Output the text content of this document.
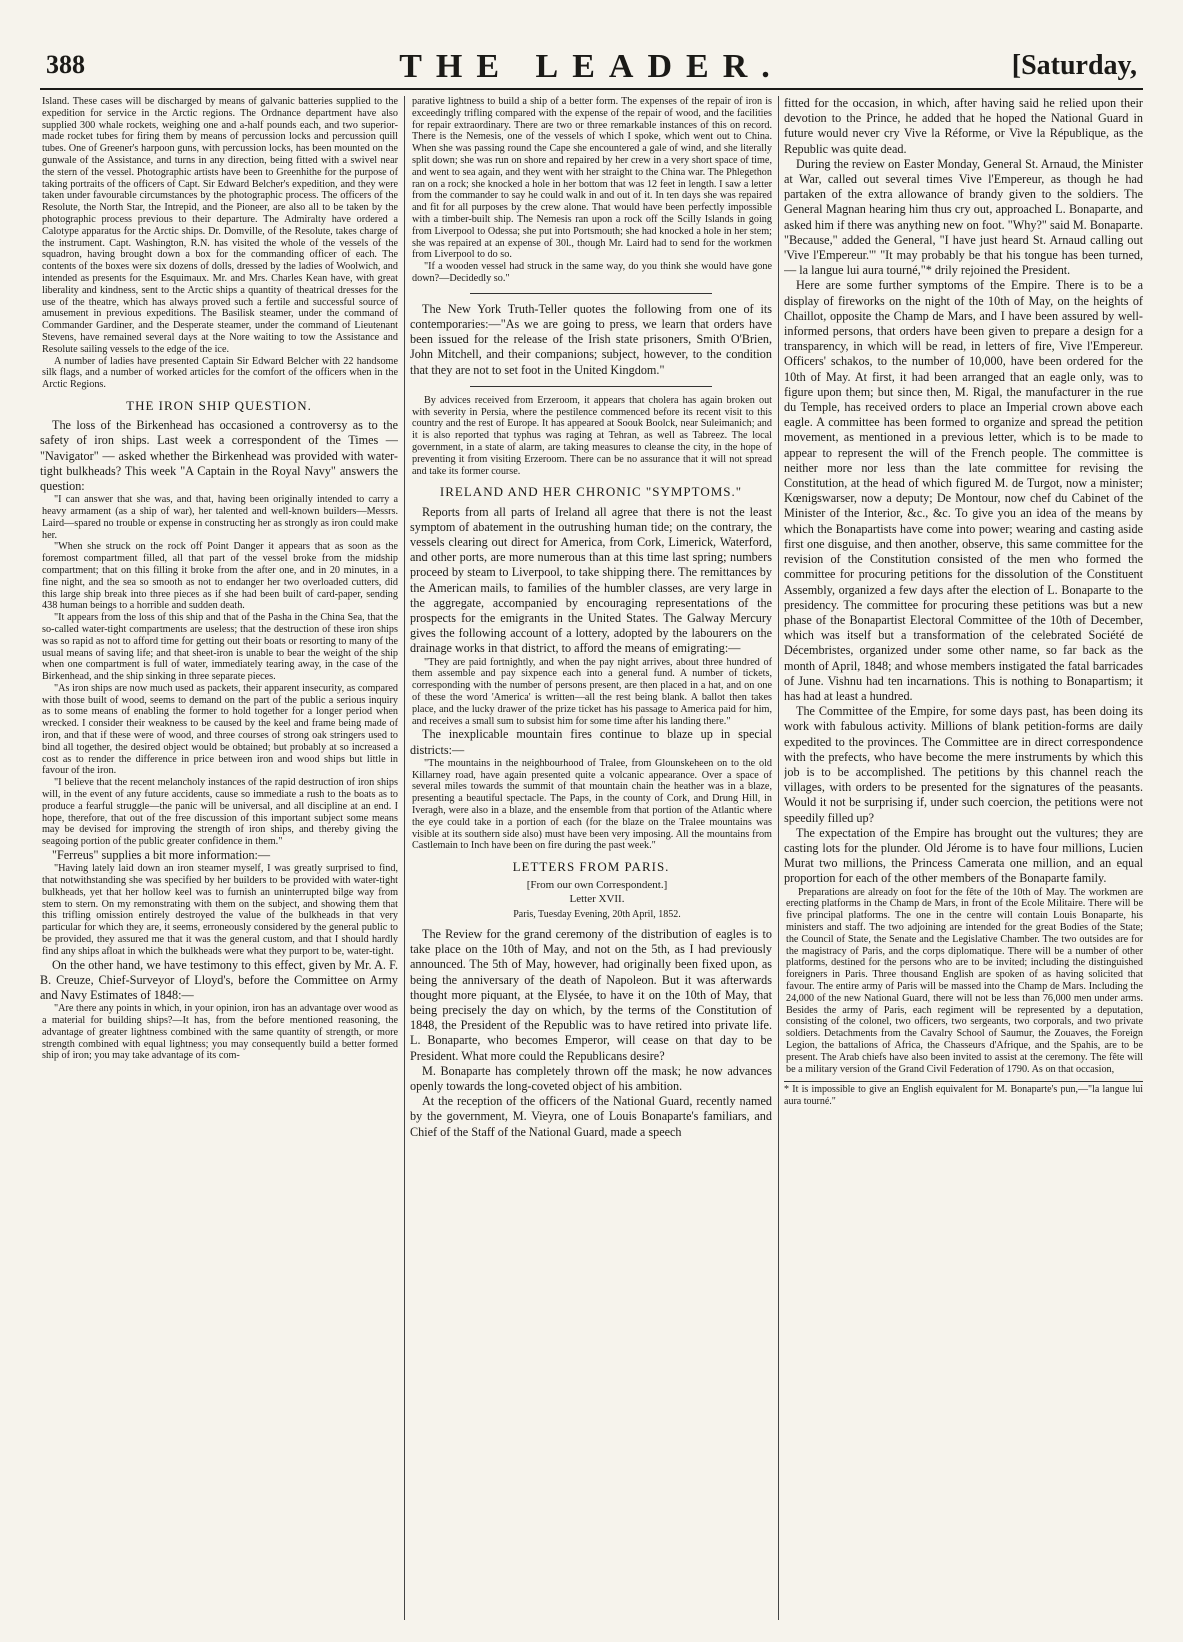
388	THE LEADER.	[Saturday,

Island. These cases will be discharged by means of galvanic batteries supplied to the expedition for service in the Arctic regions. The Ordnance department have also supplied 300 whale rockets, weighing one and a-half pounds each, and two superior-made rocket tubes for firing them by means of percussion locks and percussion quill tubes. One of Greener's harpoon guns, with percussion locks, has been mounted on the gunwale of the Assistance, and turns in any direction, being fitted with a swivel near the stern of the vessel. Photographic artists have been to Greenhithe for the purpose of taking portraits of the officers of Capt. Sir Edward Belcher's expedition, and they were taken under favourable circumstances by the photographic process. The officers of the Resolute, the North Star, the Intrepid, and the Pioneer, are also all to be taken by the photographic process previous to their departure. The Admiralty have ordered a Calotype apparatus for the Arctic ships. Dr. Domville, of the Resolute, takes charge of the instrument. Capt. Washington, R.N. has visited the whole of the vessels of the squadron, having brought down a box for the commanding officer of each. The contents of the boxes were six dozens of dolls, dressed by the ladies of Woolwich, and intended as presents for the Esquimaux. Mr. and Mrs. Charles Kean have, with great liberality and kindness, sent to the Arctic ships a quantity of theatrical dresses for the use of the theatre, which has always proved such a fertile and successful source of amusement in previous expeditions. The Basilisk steamer, under the command of Commander Gardiner, and the Desperate steamer, under the command of Lieutenant Stevens, have remained several days at the Nore waiting to tow the Assistance and Resolute sailing vessels to the edge of the ice.

A number of ladies have presented Captain Sir Edward Belcher with 22 handsome silk flags, and a number of worked articles for the comfort of the officers when in the Arctic Regions.

THE IRON SHIP QUESTION.

The loss of the Birkenhead has occasioned a controversy as to the safety of iron ships. Last week a correspondent of the Times — "Navigator" — asked whether the Birkenhead was provided with water-tight bulkheads? This week "A Captain in the Royal Navy" answers the question:

"I can answer that she was, and that, having been originally intended to carry a heavy armament (as a ship of war), her talented and well-known builders—Messrs. Laird—spared no trouble or expense in constructing her as strongly as iron could make her.

"When she struck on the rock off Point Danger it appears that as soon as the foremost compartment filled, all that part of the vessel broke from the midship compartment; that on this filling it broke from the after one, and in 20 minutes, in a fine night, and the sea so smooth as not to endanger her two overloaded cutters, did this large ship break into three pieces as if she had been built of card-paper, sending 438 human beings to a horrible and sudden death.

"It appears from the loss of this ship and that of the Pasha in the China Sea, that the so-called water-tight compartments are useless; that the destruction of these iron ships was so rapid as not to afford time for getting out their boats or resorting to many of the usual means of saving life; and that sheet-iron is unable to bear the weight of the ship when one compartment is full of water, immediately tearing away, in the case of the Birkenhead, and the ship sinking in three separate pieces.

"As iron ships are now much used as packets, their apparent insecurity, as compared with those built of wood, seems to demand on the part of the public a serious inquiry as to some means of enabling the former to hold together for a longer period when wrecked. I consider their weakness to be caused by the keel and frame being made of iron, and that if these were of wood, and three courses of strong oak stringers used to bind all together, the desired object would be obtained; but probably at so increased a cost as to render the difference in price between iron and wood ships but little in favour of the iron.

"I believe that the recent melancholy instances of the rapid destruction of iron ships will, in the event of any future accidents, cause so immediate a rush to the boats as to produce a fearful struggle—the panic will be universal, and all discipline at an end. I hope, therefore, that out of the free discussion of this important subject some means may be devised for improving the strength of iron ships, and thereby giving the seagoing portion of the public greater confidence in them."

"Ferreus" supplies a bit more information:—

"Having lately laid down an iron steamer myself, I was greatly surprised to find, that notwithstanding she was specified by her builders to be provided with water-tight bulkheads, yet that her hollow keel was to furnish an uninterrupted bilge way from stem to stern. On my remonstrating with them on the subject, and showing them that this trifling omission entirely destroyed the value of the bulkheads in that very particular for which they are, it seems, erroneously considered by the general public to be provided, they assured me that it was the general custom, and that I should hardly find any ships afloat in which the bulkheads were what they purport to be, water-tight.

On the other hand, we have testimony to this effect, given by Mr. A. F. B. Creuze, Chief-Surveyor of Lloyd's, before the Committee on Army and Navy Estimates of 1848:—

"Are there any points in which, in your opinion, iron has an advantage over wood as a material for building ships?—It has, from the before mentioned reasoning, the advantage of greater lightness combined with the same quantity of strength, or more strength combined with equal lightness; you may consequently build a better formed ship of iron; you may take advantage of its com-

parative lightness to build a ship of a better form. The expenses of the repair of iron is exceedingly trifling compared with the expense of the repair of wood, and the facilities for repair extraordinary. There are two or three remarkable instances of this on record. There is the Nemesis, one of the vessels of which I spoke, which went out to China. When she was passing round the Cape she encountered a gale of wind, and she literally split down; she was run on shore and repaired by her crew in a very short space of time, and went to sea again, and they went with her straight to the China war. The Phlegethon ran on a rock; she knocked a hole in her bottom that was 12 feet in length. I saw a letter from the commander to say he could walk in and out of it. In ten days she was repaired and fit for all purposes by the crew alone. That would have been perfectly impossible with a timber-built ship. The Nemesis ran upon a rock off the Scilly Islands in going from Liverpool to Odessa; she put into Portsmouth; she had knocked a hole in her stem; she was repaired at an expense of 30l., though Mr. Laird had to send for the workmen from Liverpool to do so.

"If a wooden vessel had struck in the same way, do you think she would have gone down?—Decidedly so."

The New York Truth-Teller quotes the following from one of its contemporaries:—"As we are going to press, we learn that orders have been issued for the release of the Irish state prisoners, Smith O'Brien, John Mitchell, and their companions; subject, however, to the condition that they are not to set foot in the United Kingdom."

By advices received from Erzeroom, it appears that cholera has again broken out with severity in Persia, where the pestilence commenced before its recent visit to this country and the rest of Europe. It has appeared at Soouk Boolck, near Suleimanich; and it is also reported that typhus was raging at Tehran, as well as Tabreez. The local government, in a state of alarm, are taking measures to cleanse the city, in the hope of preventing it from visiting Erzeroom. There can be no assurance that it will not spread and take its former course.

IRELAND AND HER CHRONIC "SYMPTOMS."

Reports from all parts of Ireland all agree that there is not the least symptom of abatement in the outrushing human tide; on the contrary, the vessels clearing out direct for America, from Cork, Limerick, Waterford, and other ports, are more numerous than at this time last spring; numbers proceed by steam to Liverpool, to take shipping there. The remittances by the American mails, to families of the humbler classes, are very large in the aggregate, accompanied by encouraging representations of the prospects for the emigrants in the United States. The Galway Mercury gives the following account of a lottery, adopted by the labourers on the drainage works in that district, to afford the means of emigrating:—

"They are paid fortnightly, and when the pay night arrives, about three hundred of them assemble and pay sixpence each into a general fund. A number of tickets, corresponding with the number of persons present, are then placed in a hat, and on one of these the word 'America' is written—all the rest being blank. A ballot then takes place, and the lucky drawer of the prize ticket has his passage to America paid for him, and receives a small sum to subsist him for some time after his landing there."

The inexplicable mountain fires continue to blaze up in special districts:—

"The mountains in the neighbourhood of Tralee, from Glounskeheen on to the old Killarney road, have again presented quite a volcanic appearance. Over a space of several miles towards the summit of that mountain chain the heather was in a blaze, presenting a beautiful spectacle. The Paps, in the county of Cork, and Drung Hill, in Iveragh, were also in a blaze, and the ensemble from that portion of the Atlantic where the eye could take in a portion of each (for the blaze on the Tralee mountains was visible at its southern side also) must have been very imposing. All the mountains from Castlemain to Inch have been on fire during the past week."

LETTERS FROM PARIS.

[From our own Correspondent.]

Letter XVII.

Paris, Tuesday Evening, 20th April, 1852.

The Review for the grand ceremony of the distribution of eagles is to take place on the 10th of May, and not on the 5th, as I had previously announced. The 5th of May, however, had originally been fixed upon, as being the anniversary of the death of Napoleon. But it was afterwards thought more piquant, at the Elysée, to have it on the 10th of May, that being precisely the day on which, by the terms of the Constitution of 1848, the President of the Republic was to have retired into private life. L. Bonaparte, who becomes Emperor, will cease on that day to be President. What more could the Republicans desire?

M. Bonaparte has completely thrown off the mask; he now advances openly towards the long-coveted object of his ambition.

At the reception of the officers of the National Guard, recently named by the government, M. Vieyra, one of Louis Bonaparte's familiars, and Chief of the Staff of the National Guard, made a speech

fitted for the occasion, in which, after having said he relied upon their devotion to the Prince, he added that he hoped the National Guard in future would never cry Vive la Réforme, or Vive la République, as the Republic was quite dead.

During the review on Easter Monday, General St. Arnaud, the Minister at War, called out several times Vive l'Empereur, as though he had partaken of the extra allowance of brandy given to the soldiers. The General Magnan hearing him thus cry out, approached L. Bonaparte, and asked him if there was anything new on foot. "Why?" said M. Bonaparte. "Because," added the General, "I have just heard St. Arnaud calling out 'Vive l'Empereur.'" "It may probably be that his tongue has been turned, — la langue lui aura tourné,"* drily rejoined the President.

Here are some further symptoms of the Empire. There is to be a display of fireworks on the night of the 10th of May, on the heights of Chaillot, opposite the Champ de Mars, and I have been assured by well-informed persons, that orders have been given to prepare a design for a transparency, in which will be read, in letters of fire, Vive l'Empereur. Officers' schakos, to the number of 10,000, have been ordered for the 10th of May. At first, it had been arranged that an eagle only, was to figure upon them; but since then, M. Rigal, the manufacturer in the rue du Temple, has received orders to place an Imperial crown above each eagle. A committee has been formed to organize and spread the petition movement, as mentioned in a previous letter, which is to be made to appear to represent the will of the French people. The committee is neither more nor less than the late committee for revising the Constitution, at the head of which figured M. de Turgot, now a minister; Kœnigswarser, now a deputy; De Montour, now chef du Cabinet of the Minister of the Interior, &c., &c. To give you an idea of the means by which the Bonapartists have come into power; wearing and casting aside first one disguise, and then another, observe, this same committee for the revision of the Constitution consisted of the men who formed the committee for procuring petitions for the dissolution of the Constituent Assembly, organized a few days after the election of L. Bonaparte to the presidency. The committee for procuring these petitions was but a new phase of the Bonapartist Electoral Committee of the 10th of December, which was itself but a transformation of the celebrated Société de Décembristes, organized under some other name, so far back as the month of April, 1848; and whose members instigated the fatal barricades of June. Vishnu had ten incarnations. This is nothing to Bonapartism; it has had at least a hundred.

The Committee of the Empire, for some days past, has been doing its work with fabulous activity. Millions of blank petition-forms are daily expedited to the provinces. The Committee are in direct correspondence with the prefects, who have become the mere instruments by which this job is to be accomplished. The petitions by this channel reach the villages, with orders to be presented for the signatures of the peasants. Would it not be surprising if, under such coercion, the petitions were not speedily filled up?

The expectation of the Empire has brought out the vultures; they are casting lots for the plunder. Old Jérome is to have four millions, Lucien Murat two millions, the Princess Camerata one million, and an equal proportion for each of the other members of the Bonaparte family.

Preparations are already on foot for the fête of the 10th of May. The workmen are erecting platforms in the Champ de Mars, in front of the Ecole Militaire. There will be five principal platforms. The one in the centre will contain Louis Bonaparte, his ministers and staff. The two adjoining are intended for the great Bodies of the State; the Council of State, the Senate and the Legislative Chamber. The two outsides are for the magistracy of Paris, and the corps diplomatique. There will be a number of other platforms, destined for the persons who are to be invited; including the distinguished foreigners in Paris. Three thousand English are spoken of as having solicited that favour. The entire army of Paris will be massed into the Champ de Mars. Including the 24,000 of the new National Guard, there will not be less than 76,000 men under arms. Besides the army of Paris, each regiment will be represented by a deputation, consisting of the colonel, two officers, two sergeants, two corporals, and two private soldiers. Detachments from the Cavalry School of Saumur, the Zouaves, the Foreign Legion, the battalions of Africa, the Chasseurs d'Afrique, and the Spahis, are to be present. The Arab chiefs have also been invited to assist at the ceremony. The fête will be a military version of the Grand Civil Federation of 1790. As on that occasion,

* It is impossible to give an English equivalent for M. Bonaparte's pun,—"la langue lui aura tourné."
